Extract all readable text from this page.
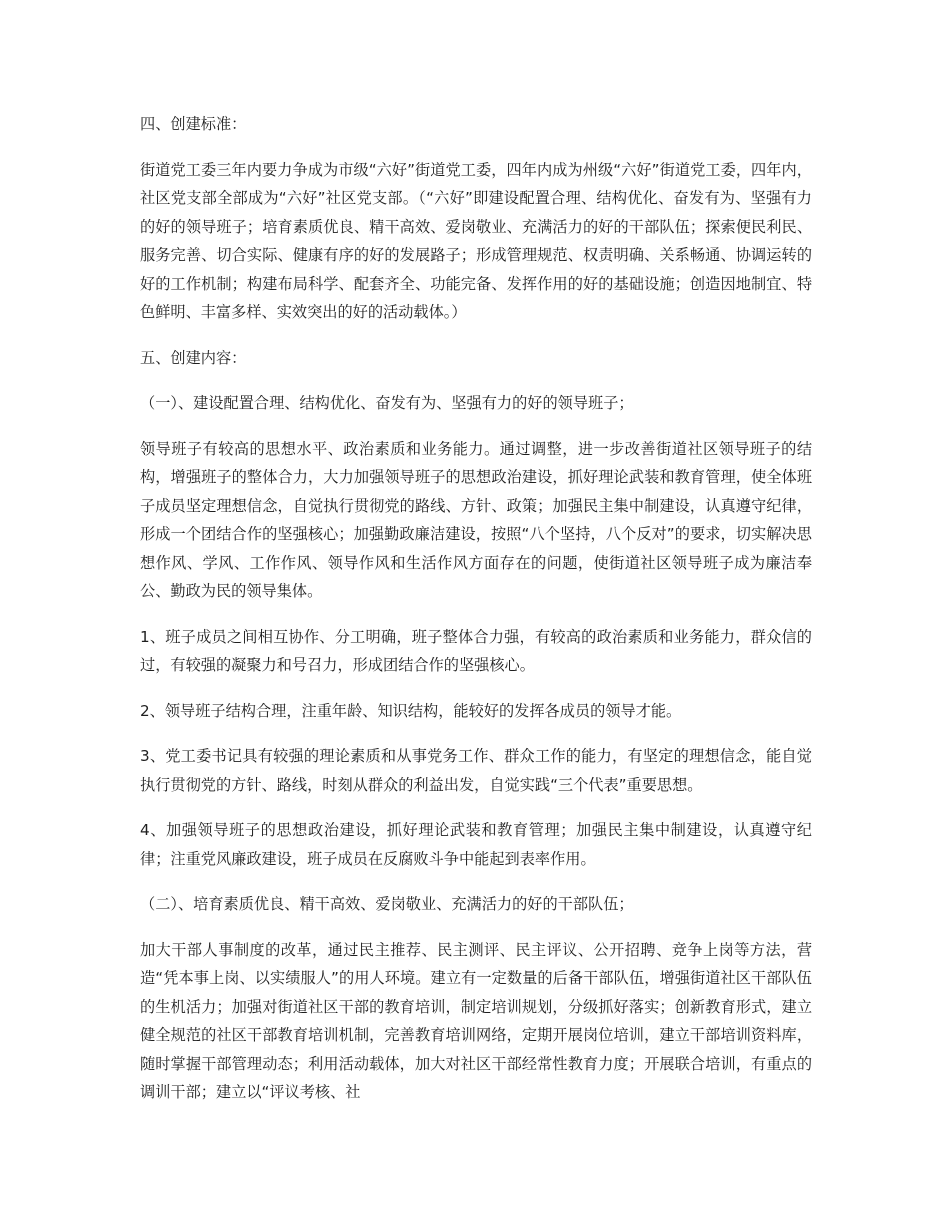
四、创建标准：

街道党工委三年内要力争成为市级“六好”街道党工委，四年内成为州级“六好”街道党工委，四年内，社区党支部全部成为“六好”社区党支部。（“六好”即建设配置合理、结构优化、奋发有为、坚强有力的好的领导班子；培育素质优良、精干高效、爱岗敬业、充满活力的好的干部队伍；探索便民利民、服务完善、切合实际、健康有序的好的发展路子；形成管理规范、权责明确、关系畅通、协调运转的好的工作机制；构建布局科学、配套齐全、功能完备、发挥作用的好的基础设施；创造因地制宜、特色鲜明、丰富多样、实效突出的好的活动载体。）

五、创建内容：

（一）、建设配置合理、结构优化、奋发有为、坚强有力的好的领导班子；

领导班子有较高的思想水平、政治素质和业务能力。通过调整，进一步改善街道社区领导班子的结构，增强班子的整体合力，大力加强领导班子的思想政治建设，抓好理论武装和教育管理，使全体班子成员坚定理想信念，自觉执行贯彻党的路线、方针、政策；加强民主集中制建设，认真遵守纪律，形成一个团结合作的坚强核心；加强勤政廉洁建设，按照“八个坚持，八个反对”的要求，切实解决思想作风、学风、工作作风、领导作风和生活作风方面存在的问题，使街道社区领导班子成为廉洁奉公、勤政为民的领导集体。

1、班子成员之间相互协作、分工明确，班子整体合力强，有较高的政治素质和业务能力，群众信的过，有较强的凝聚力和号召力，形成团结合作的坚强核心。

2、领导班子结构合理，注重年龄、知识结构，能较好的发挥各成员的领导才能。

3、党工委书记具有较强的理论素质和从事党务工作、群众工作的能力，有坚定的理想信念，能自觉执行贯彻党的方针、路线，时刻从群众的利益出发，自觉实践“三个代表”重要思想。

4、加强领导班子的思想政治建设，抓好理论武装和教育管理；加强民主集中制建设，认真遵守纪律；注重党风廉政建设，班子成员在反腐败斗争中能起到表率作用。

（二）、培育素质优良、精干高效、爱岗敬业、充满活力的好的干部队伍；

加大干部人事制度的改革，通过民主推荐、民主测评、民主评议、公开招聘、竞争上岗等方法，营造“凭本事上岗、以实绩服人”的用人环境。建立有一定数量的后备干部队伍，增强街道社区干部队伍的生机活力；加强对街道社区干部的教育培训，制定培训规划，分级抓好落实；创新教育形式，建立健全规范的社区干部教育培训机制，完善教育培训网络，定期开展岗位培训，建立干部培训资料库，随时掌握干部管理动态；利用活动载体，加大对社区干部经常性教育力度；开展联合培训，有重点的调训干部；建立以“评议考核、社
